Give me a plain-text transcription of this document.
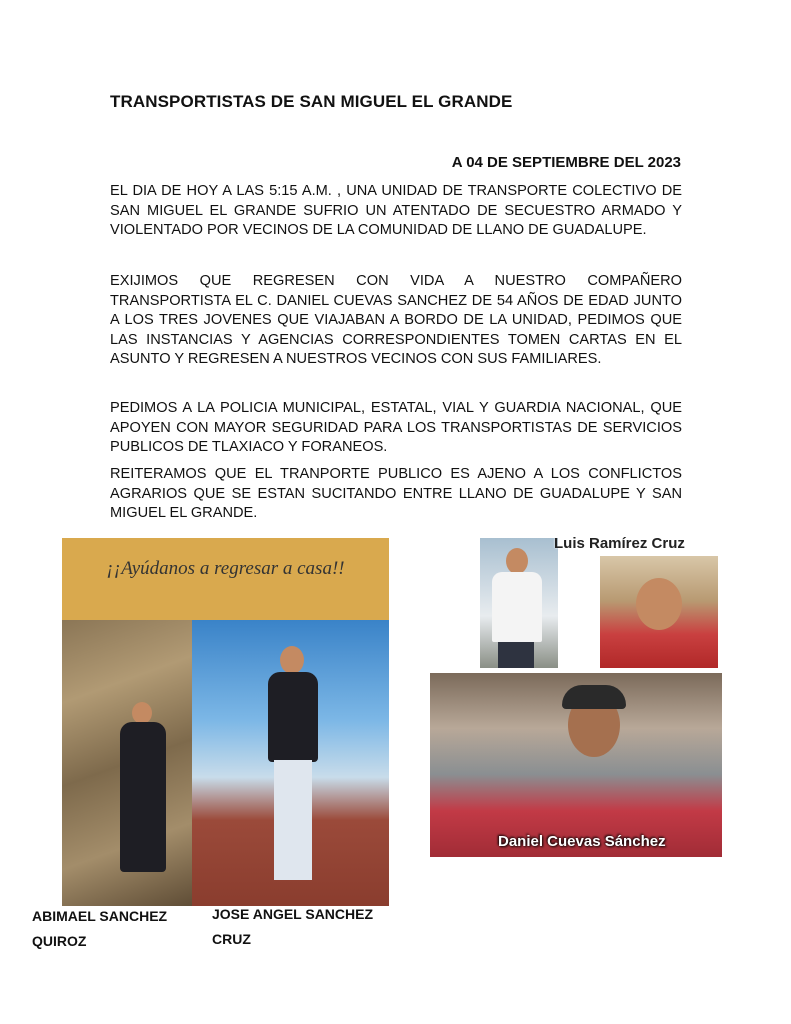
TRANSPORTISTAS DE SAN MIGUEL EL GRANDE
A 04 DE SEPTIEMBRE DEL 2023
EL DIA DE HOY A LAS 5:15 A.M. , UNA UNIDAD DE TRANSPORTE COLECTIVO DE SAN MIGUEL EL GRANDE SUFRIO UN ATENTADO DE SECUESTRO ARMADO Y VIOLENTADO POR VECINOS DE LA COMUNIDAD DE LLANO DE GUADALUPE.
EXIJIMOS QUE REGRESEN CON VIDA A NUESTRO COMPAÑERO TRANSPORTISTA EL C. DANIEL CUEVAS SANCHEZ DE 54 AÑOS DE EDAD JUNTO A LOS TRES JOVENES QUE VIAJABAN A BORDO DE LA UNIDAD, PEDIMOS QUE LAS INSTANCIAS Y AGENCIAS CORRESPONDIENTES TOMEN CARTAS EN EL ASUNTO Y REGRESEN A NUESTROS VECINOS CON SUS FAMILIARES.
PEDIMOS A LA POLICIA MUNICIPAL, ESTATAL, VIAL Y GUARDIA NACIONAL, QUE APOYEN CON MAYOR SEGURIDAD PARA LOS TRANSPORTISTAS DE SERVICIOS PUBLICOS DE TLAXIACO Y FORANEOS.
REITERAMOS QUE EL TRANPORTE PUBLICO ES AJENO A LOS CONFLICTOS AGRARIOS QUE SE ESTAN SUCITANDO ENTRE LLANO DE GUADALUPE Y SAN MIGUEL EL GRANDE.
¡¡Ayúdanos a regresar a casa!!
ABIMAEL SANCHEZ
QUIROZ
JOSE ANGEL SANCHEZ
CRUZ
Luis Ramírez Cruz
Daniel Cuevas Sánchez
